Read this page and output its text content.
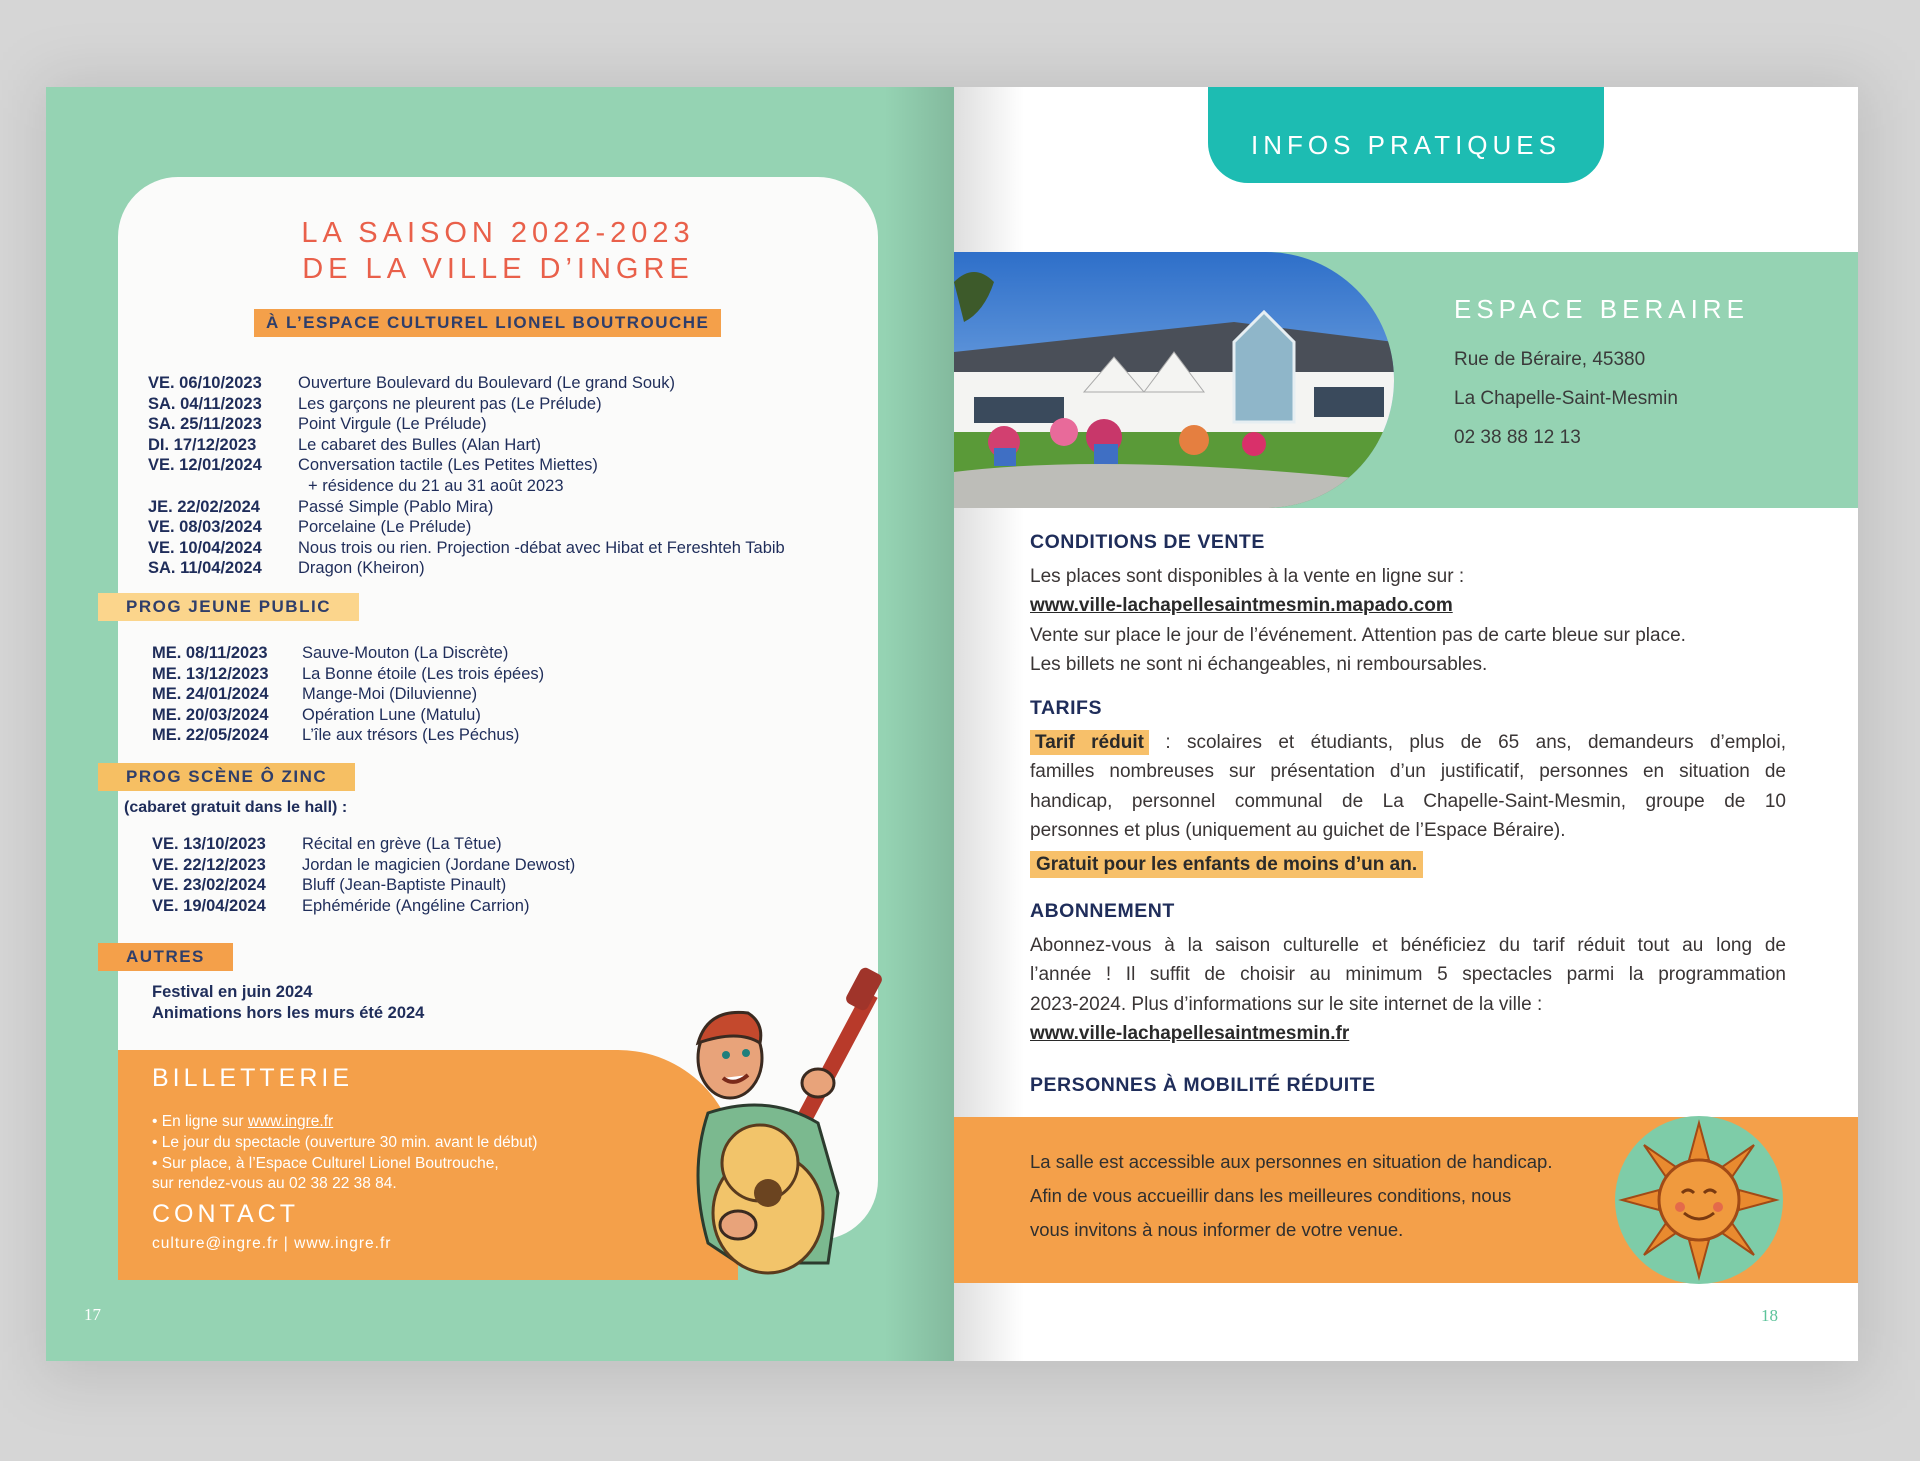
LA SAISON 2022-2023
DE LA VILLE D’INGRE
À L’ESPACE CULTUREL LIONEL BOUTROUCHE
VE. 06/10/2023	Ouverture Boulevard du Boulevard (Le grand Souk)
SA. 04/11/2023	Les garçons ne pleurent pas (Le Prélude)
SA. 25/11/2023	Point Virgule (Le Prélude)
DI. 17/12/2023	Le cabaret des Bulles (Alan Hart)
VE. 12/01/2024	Conversation tactile (Les Petites Miettes)
+ résidence du 21 au 31 août 2023
JE. 22/02/2024	Passé Simple (Pablo Mira)
VE. 08/03/2024	Porcelaine (Le Prélude)
VE. 10/04/2024	Nous trois ou rien. Projection -débat avec Hibat et Fereshteh Tabib
SA. 11/04/2024	Dragon (Kheiron)
PROG JEUNE PUBLIC
ME. 08/11/2023	Sauve-Mouton (La Discrète)
ME. 13/12/2023	La Bonne étoile (Les trois épées)
ME. 24/01/2024	Mange-Moi (Diluvienne)
ME. 20/03/2024	Opération Lune (Matulu)
ME. 22/05/2024	L’île aux trésors (Les Péchus)
PROG SCÈNE Ô ZINC
(cabaret gratuit dans le hall) :
VE. 13/10/2023	Récital en grève (La Têtue)
VE. 22/12/2023	Jordan le magicien (Jordane Dewost)
VE. 23/02/2024	Bluff (Jean-Baptiste Pinault)
VE. 19/04/2024	Ephéméride (Angéline Carrion)
AUTRES
Festival en juin 2024
Animations hors les murs été 2024
BILLETTERIE
• En ligne sur www.ingre.fr
• Le jour du spectacle (ouverture 30 min. avant le début)
• Sur place, à l’Espace Culturel Lionel Boutrouche,
sur rendez-vous au 02 38 22 38 84.
CONTACT
culture@ingre.fr | www.ingre.fr
17
INFOS PRATIQUES
ESPACE BERAIRE
Rue de Béraire, 45380
La Chapelle-Saint-Mesmin
02 38 88 12 13
CONDITIONS DE VENTE
Les places sont disponibles à la vente en ligne sur :
www.ville-lachapellesaintmesmin.mapado.com
Vente sur place le jour de l’événement. Attention pas de carte bleue sur place.
Les billets ne sont ni échangeables, ni remboursables.
TARIFS
Tarif réduit : scolaires et étudiants, plus de 65 ans, demandeurs d’emploi,
familles nombreuses sur présentation d’un justificatif, personnes en situation de
handicap, personnel communal de La Chapelle-Saint-Mesmin, groupe de 10
personnes et plus (uniquement au guichet de l’Espace Béraire).
Gratuit pour les enfants de moins d’un an.
ABONNEMENT
Abonnez-vous à la saison culturelle et bénéficiez du tarif réduit tout au long de
l’année ! Il suffit de choisir au minimum 5 spectacles parmi la programmation
2023-2024. Plus d’informations sur le site internet de la ville :
www.ville-lachapellesaintmesmin.fr
PERSONNES À MOBILITÉ RÉDUITE
La salle est accessible aux personnes en situation de handicap.
Afin de vous accueillir dans les meilleures conditions, nous
vous invitons à nous informer de votre venue.
18
